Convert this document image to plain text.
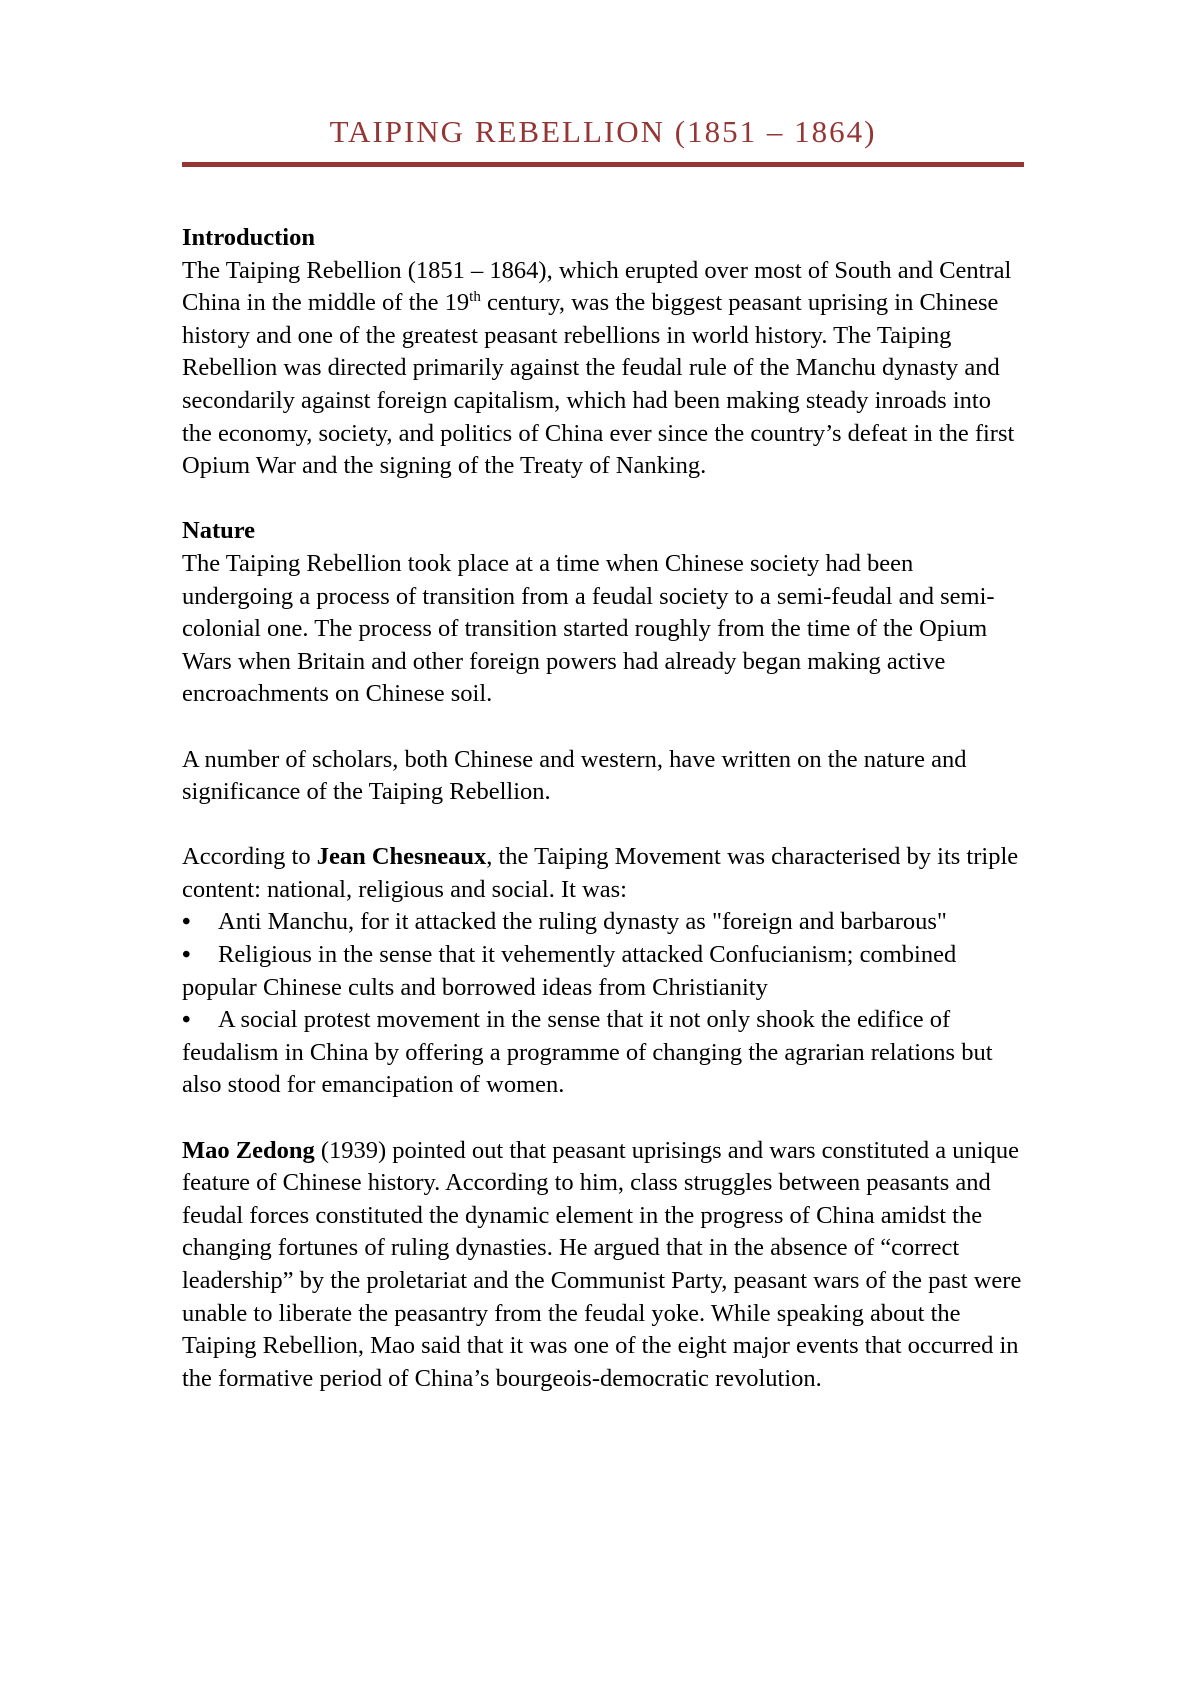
TAIPING REBELLION (1851 – 1864)

Introduction

The Taiping Rebellion (1851 – 1864), which erupted over most of South and Central China in the middle of the 19th century, was the biggest peasant uprising in Chinese history and one of the greatest peasant rebellions in world history. The Taiping Rebellion was directed primarily against the feudal rule of the Manchu dynasty and secondarily against foreign capitalism, which had been making steady inroads into the economy, society, and politics of China ever since the country’s defeat in the first Opium War and the signing of the Treaty of Nanking.

Nature

The Taiping Rebellion took place at a time when Chinese society had been undergoing a process of transition from a feudal society to a semi-feudal and semi-colonial one. The process of transition started roughly from the time of the Opium Wars when Britain and other foreign powers had already began making active encroachments on Chinese soil.

A number of scholars, both Chinese and western, have written on the nature and significance of the Taiping Rebellion.

According to Jean Chesneaux, the Taiping Movement was characterised by its triple content: national, religious and social. It was:

• Anti Manchu, for it attacked the ruling dynasty as "foreign and barbarous"

• Religious in the sense that it vehemently attacked Confucianism; combined popular Chinese cults and borrowed ideas from Christianity

• A social protest movement in the sense that it not only shook the edifice of feudalism in China by offering a programme of changing the agrarian relations but also stood for emancipation of women.

Mao Zedong (1939) pointed out that peasant uprisings and wars constituted a unique feature of Chinese history. According to him, class struggles between peasants and feudal forces constituted the dynamic element in the progress of China amidst the changing fortunes of ruling dynasties. He argued that in the absence of “correct leadership” by the proletariat and the Communist Party, peasant wars of the past were unable to liberate the peasantry from the feudal yoke. While speaking about the Taiping Rebellion, Mao said that it was one of the eight major events that occurred in the formative period of China’s bourgeois-democratic revolution.
